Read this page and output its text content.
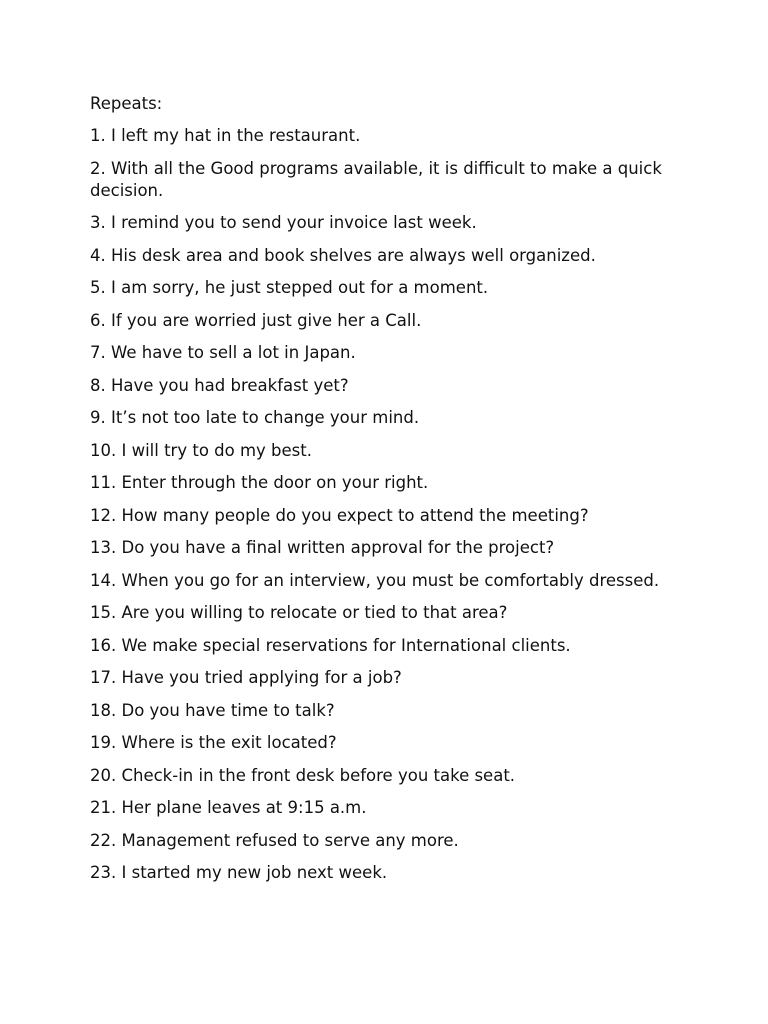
Repeats:
1. I left my hat in the restaurant.
2. With all the Good programs available, it is difficult to make a quick decision.
3. I remind you to send your invoice last week.
4. His desk area and book shelves are always well organized.
5. I am sorry, he just stepped out for a moment.
6. If you are worried just give her a Call.
7. We have to sell a lot in Japan.
8. Have you had breakfast yet?
9. It’s not too late to change your mind.
10. I will try to do my best.
11. Enter through the door on your right.
12. How many people do you expect to attend the meeting?
13. Do you have a final written approval for the project?
14. When you go for an interview, you must be comfortably dressed.
15. Are you willing to relocate or tied to that area?
16. We make special reservations for International clients.
17. Have you tried applying for a job?
18. Do you have time to talk?
19. Where is the exit located?
20. Check-in in the front desk before you take seat.
21. Her plane leaves at 9:15 a.m.
22. Management refused to serve any more.
23. I started my new job next week.
